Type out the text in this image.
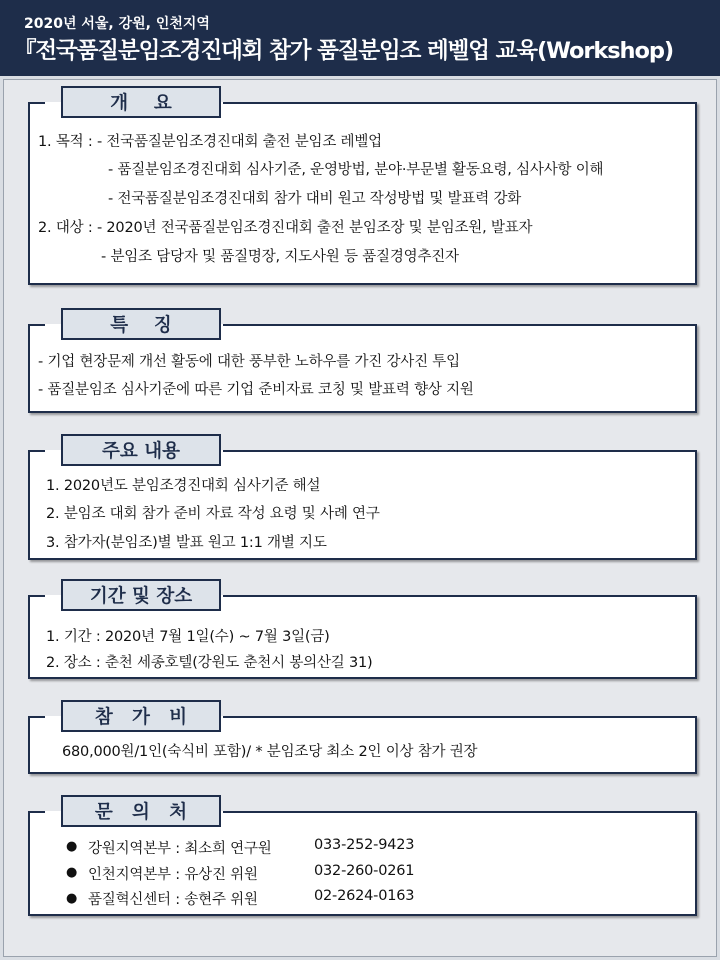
2020년 서울, 강원, 인천지역
『전국품질분임조경진대회 참가 품질분임조 레벨업 교육(Workshop)
개    요
1. 목적 : - 전국품질분임조경진대회 출전 분임조 레벨업
- 품질분임조경진대회 심사기준, 운영방법, 분야·부문별 활동요령, 심사사항 이해
- 전국품질분임조경진대회 참가 대비 원고 작성방법 및 발표력 강화
2. 대상 : - 2020년 전국품질분임조경진대회 출전 분임조장 및 분임조원, 발표자
- 분임조 담당자 및 품질명장, 지도사원 등 품질경영추진자
특    징
- 기업 현장문제 개선 활동에 대한 풍부한 노하우를 가진 강사진 투입
- 품질분임조 심사기준에 따른 기업 준비자료 코칭 및 발표력 향상 지원
주요 내용
1. 2020년도 분임조경진대회 심사기준 해설
2. 분임조 대회 참가 준비 자료 작성 요령 및 사례 연구
3. 참가자(분임조)별 발표 원고 1:1 개별 지도
기간 및 장소
1. 기간 : 2020년 7월 1일(수) ~ 7월 3일(금)
2. 장소 : 춘천 세종호텔(강원도 춘천시 봉의산길 31)
참   가   비
680,000원/1인(숙식비 포함)/ * 분임조당 최소 2인 이상 참가 권장
문   의   처
● 강원지역본부 : 최소희 연구원	033-252-9423
● 인천지역본부 : 유상진 위원	032-260-0261
● 품질혁신센터 : 송현주 위원	02-2624-0163
